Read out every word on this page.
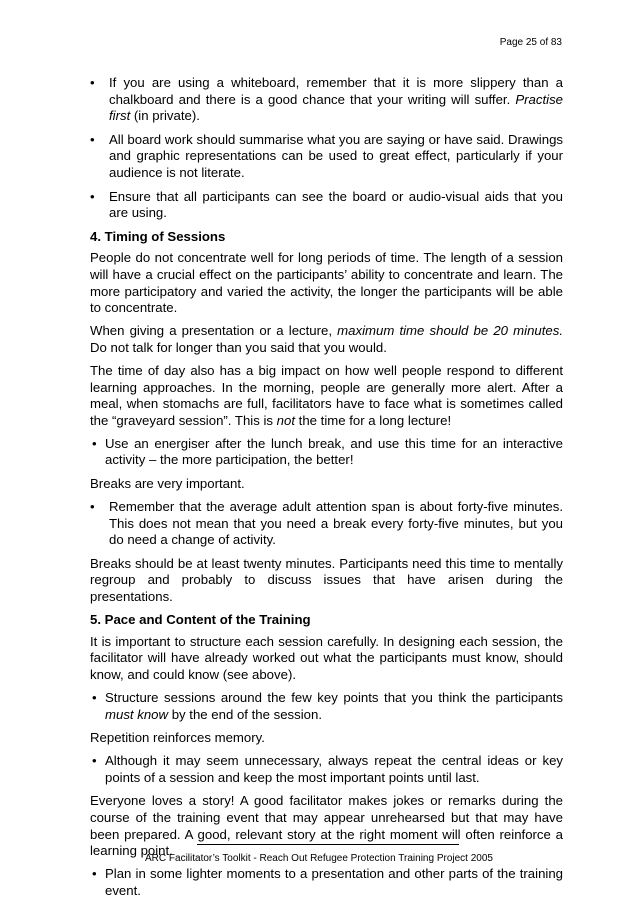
Page 25 of 83
• If you are using a whiteboard, remember that it is more slippery than a chalkboard and there is a good chance that your writing will suffer. Practise first (in private).
• All board work should summarise what you are saying or have said. Drawings and graphic representations can be used to great effect, particularly if your audience is not literate.
• Ensure that all participants can see the board or audio-visual aids that you are using.
4. Timing of Sessions

People do not concentrate well for long periods of time. The length of a session will have a crucial effect on the participants’ ability to concentrate and learn. The more participatory and varied the activity, the longer the participants will be able to concentrate.

When giving a presentation or a lecture, maximum time should be 20 minutes. Do not talk for longer than you said that you would.

The time of day also has a big impact on how well people respond to different learning approaches. In the morning, people are generally more alert. After a meal, when stomachs are full, facilitators have to face what is sometimes called the “graveyard session”. This is not the time for a long lecture!

• Use an energiser after the lunch break, and use this time for an interactive activity – the more participation, the better!

Breaks are very important.

• Remember that the average adult attention span is about forty-five minutes. This does not mean that you need a break every forty-five minutes, but you do need a change of activity.

Breaks should be at least twenty minutes. Participants need this time to mentally regroup and probably to discuss issues that have arisen during the presentations.

5. Pace and Content of the Training

It is important to structure each session carefully. In designing each session, the facilitator will have already worked out what the participants must know, should know, and could know (see above).

• Structure sessions around the few key points that you think the participants must know by the end of the session.

Repetition reinforces memory.

• Although it may seem unnecessary, always repeat the central ideas or key points of a session and keep the most important points until last.

Everyone loves a story! A good facilitator makes jokes or remarks during the course of the training event that may appear unrehearsed but that may have been prepared. A good, relevant story at the right moment will often reinforce a learning point.

• Plan in some lighter moments to a presentation and other parts of the training event.
ARC Facilitator’s Toolkit - Reach Out Refugee Protection Training Project 2005
